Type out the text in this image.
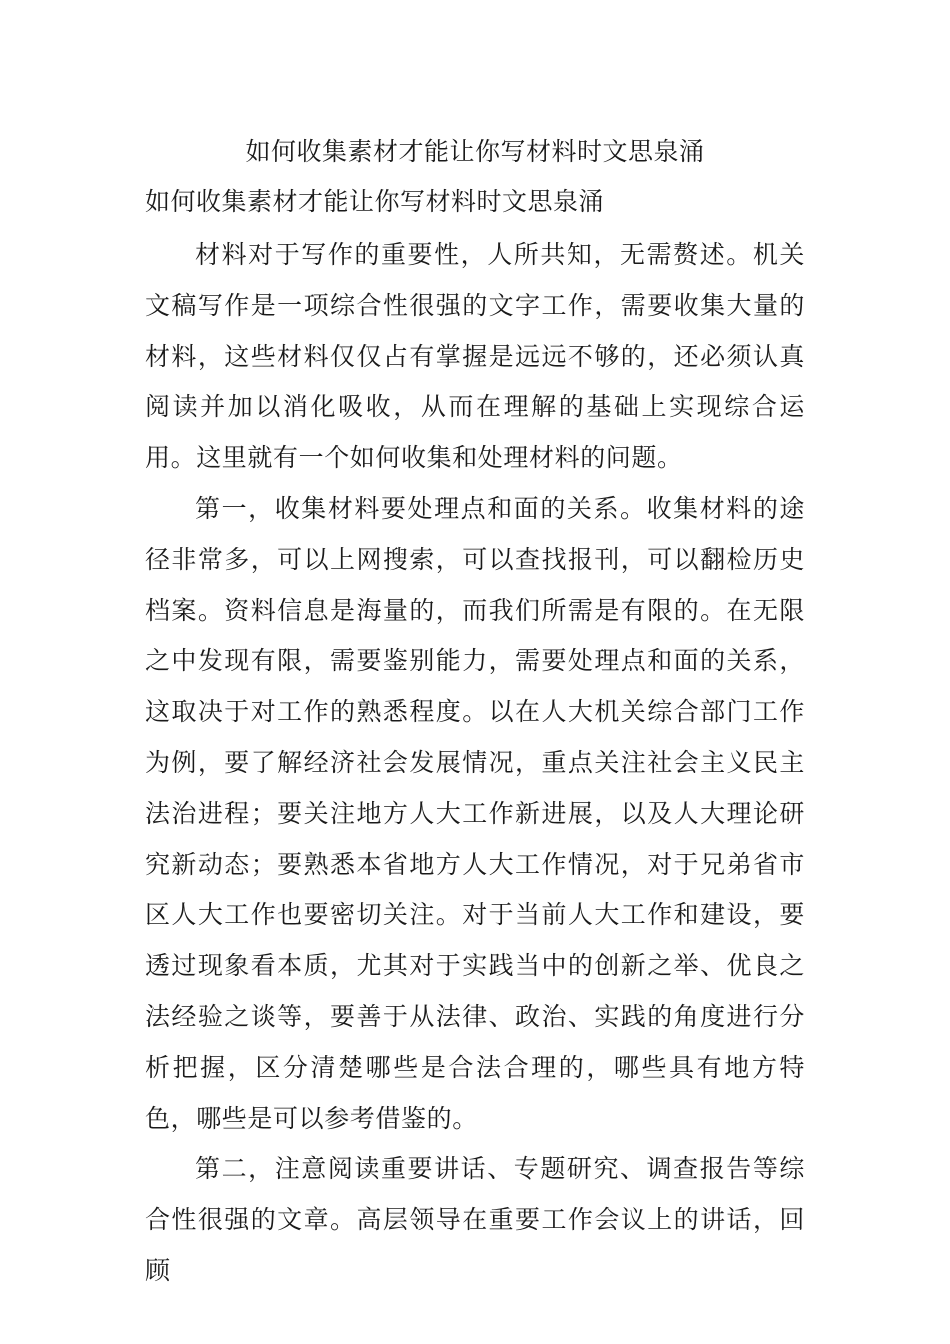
如何收集素材才能让你写材料时文思泉涌
如何收集素材才能让你写材料时文思泉涌

材料对于写作的重要性，人所共知，无需赘述。机关文稿写作是一项综合性很强的文字工作，需要收集大量的材料，这些材料仅仅占有掌握是远远不够的，还必须认真阅读并加以消化吸收，从而在理解的基础上实现综合运用。这里就有一个如何收集和处理材料的问题。

第一，收集材料要处理点和面的关系。收集材料的途径非常多，可以上网搜索，可以查找报刊，可以翻检历史档案。资料信息是海量的，而我们所需是有限的。在无限之中发现有限，需要鉴别能力，需要处理点和面的关系，这取决于对工作的熟悉程度。以在人大机关综合部门工作为例，要了解经济社会发展情况，重点关注社会主义民主法治进程；要关注地方人大工作新进展，以及人大理论研究新动态；要熟悉本省地方人大工作情况，对于兄弟省市区人大工作也要密切关注。对于当前人大工作和建设，要透过现象看本质，尤其对于实践当中的创新之举、优良之法经验之谈等，要善于从法律、政治、实践的角度进行分析把握，区分清楚哪些是合法合理的，哪些具有地方特色，哪些是可以参考借鉴的。

第二，注意阅读重要讲话、专题研究、调查报告等综合性很强的文章。高层领导在重要工作会议上的讲话，回顾
